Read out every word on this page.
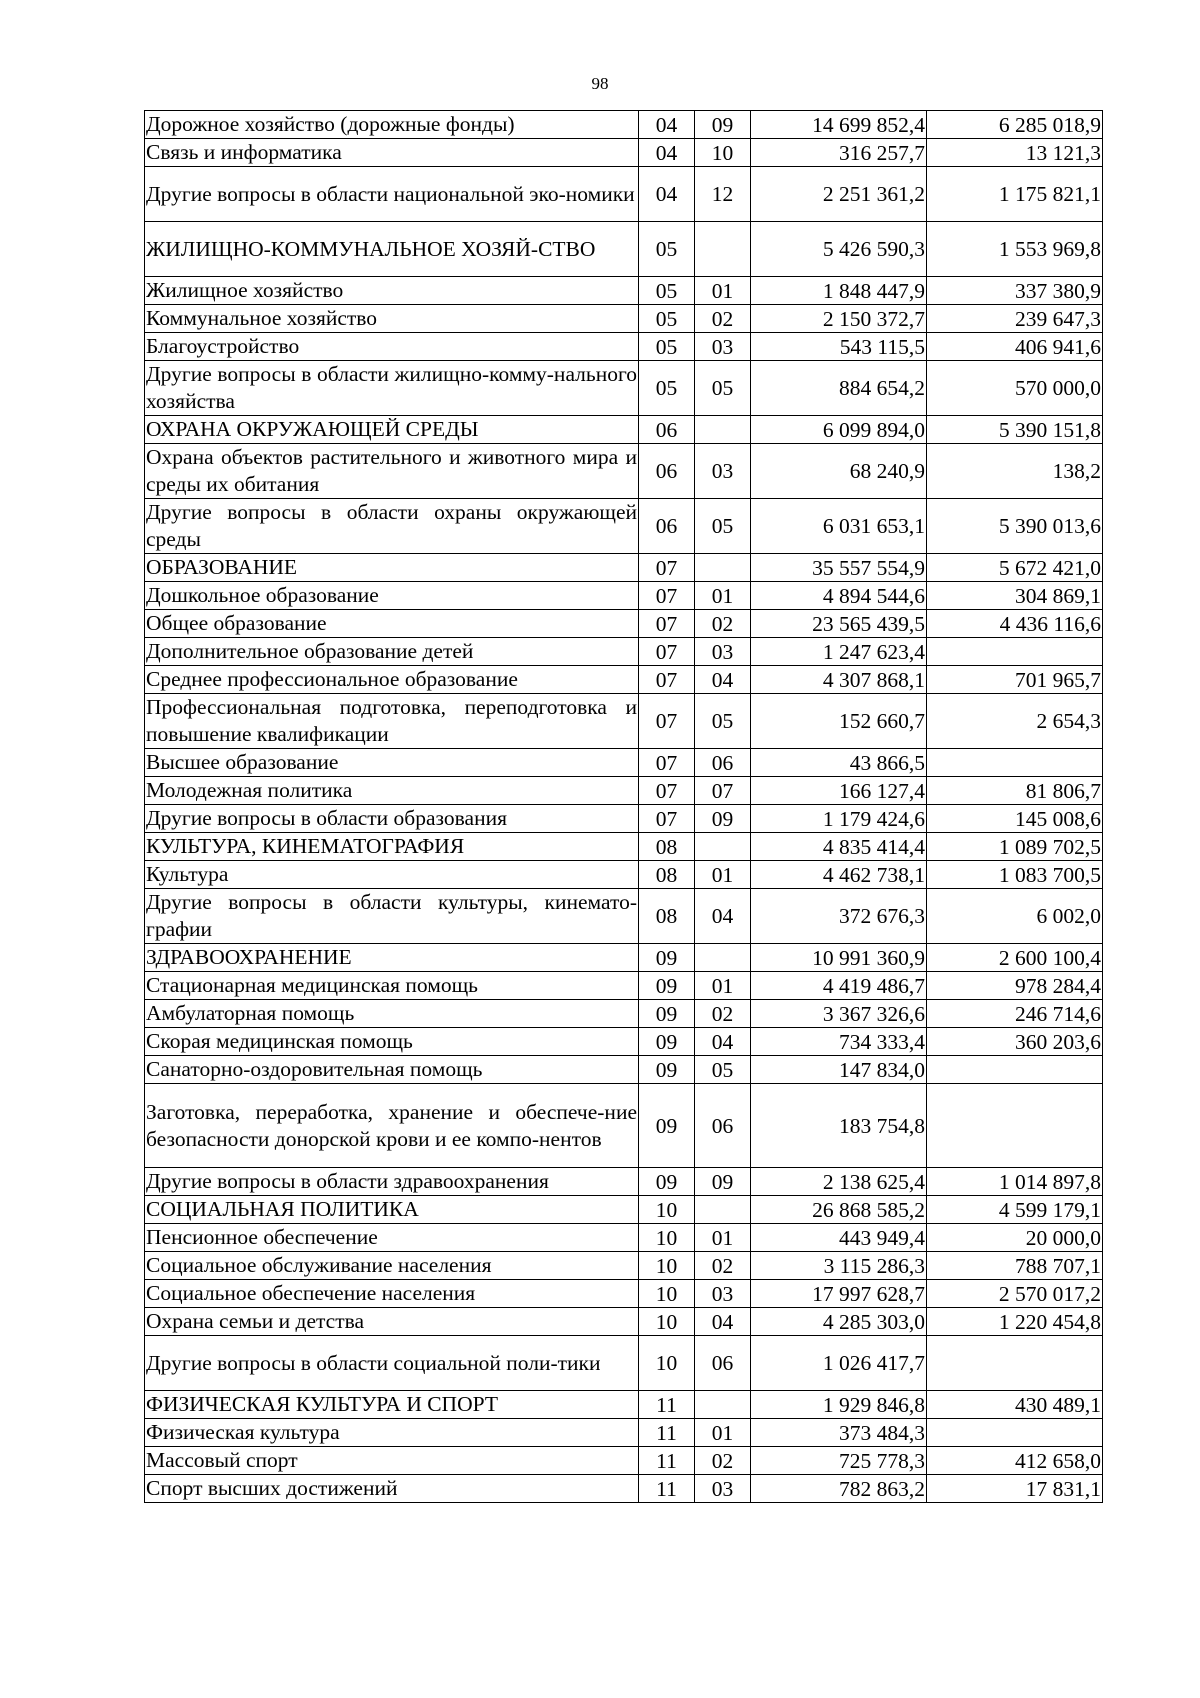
98
Дорожное хозяйство (дорожные фонды)	04	09	14 699 852,4	6 285 018,9
Связь и информатика	04	10	316 257,7	13 121,3
Другие вопросы в области национальной эко-номики	04	12	2 251 361,2	1 175 821,1
ЖИЛИЩНО-КОММУНАЛЬНОЕ ХОЗЯЙ-СТВО	05		5 426 590,3	1 553 969,8
Жилищное хозяйство	05	01	1 848 447,9	337 380,9
Коммунальное хозяйство	05	02	2 150 372,7	239 647,3
Благоустройство	05	03	543 115,5	406 941,6
Другие вопросы в области жилищно-комму-нального хозяйства	05	05	884 654,2	570 000,0
ОХРАНА ОКРУЖАЮЩЕЙ СРЕДЫ	06		6 099 894,0	5 390 151,8
Охрана объектов растительного и животного мира и среды их обитания	06	03	68 240,9	138,2
Другие вопросы в области охраны окружающей среды	06	05	6 031 653,1	5 390 013,6
ОБРАЗОВАНИЕ	07		35 557 554,9	5 672 421,0
Дошкольное образование	07	01	4 894 544,6	304 869,1
Общее образование	07	02	23 565 439,5	4 436 116,6
Дополнительное образование детей	07	03	1 247 623,4	
Среднее профессиональное образование	07	04	4 307 868,1	701 965,7
Профессиональная подготовка, переподготовка и повышение квалификации	07	05	152 660,7	2 654,3
Высшее образование	07	06	43 866,5	
Молодежная политика	07	07	166 127,4	81 806,7
Другие вопросы в области образования	07	09	1 179 424,6	145 008,6
КУЛЬТУРА, КИНЕМАТОГРАФИЯ	08		4 835 414,4	1 089 702,5
Культура	08	01	4 462 738,1	1 083 700,5
Другие вопросы в области культуры, кинемато-графии	08	04	372 676,3	6 002,0
ЗДРАВООХРАНЕНИЕ	09		10 991 360,9	2 600 100,4
Стационарная медицинская помощь	09	01	4 419 486,7	978 284,4
Амбулаторная помощь	09	02	3 367 326,6	246 714,6
Скорая медицинская помощь	09	04	734 333,4	360 203,6
Санаторно-оздоровительная помощь	09	05	147 834,0	
Заготовка, переработка, хранение и обеспече-ние безопасности донорской крови и ее компо-нентов	09	06	183 754,8	
Другие вопросы в области здравоохранения	09	09	2 138 625,4	1 014 897,8
СОЦИАЛЬНАЯ ПОЛИТИКА	10		26 868 585,2	4 599 179,1
Пенсионное обеспечение	10	01	443 949,4	20 000,0
Социальное обслуживание населения	10	02	3 115 286,3	788 707,1
Социальное обеспечение населения	10	03	17 997 628,7	2 570 017,2
Охрана семьи и детства	10	04	4 285 303,0	1 220 454,8
Другие вопросы в области социальной поли-тики	10	06	1 026 417,7	
ФИЗИЧЕСКАЯ КУЛЬТУРА И СПОРТ	11		1 929 846,8	430 489,1
Физическая культура	11	01	373 484,3	
Массовый спорт	11	02	725 778,3	412 658,0
Спорт высших достижений	11	03	782 863,2	17 831,1
